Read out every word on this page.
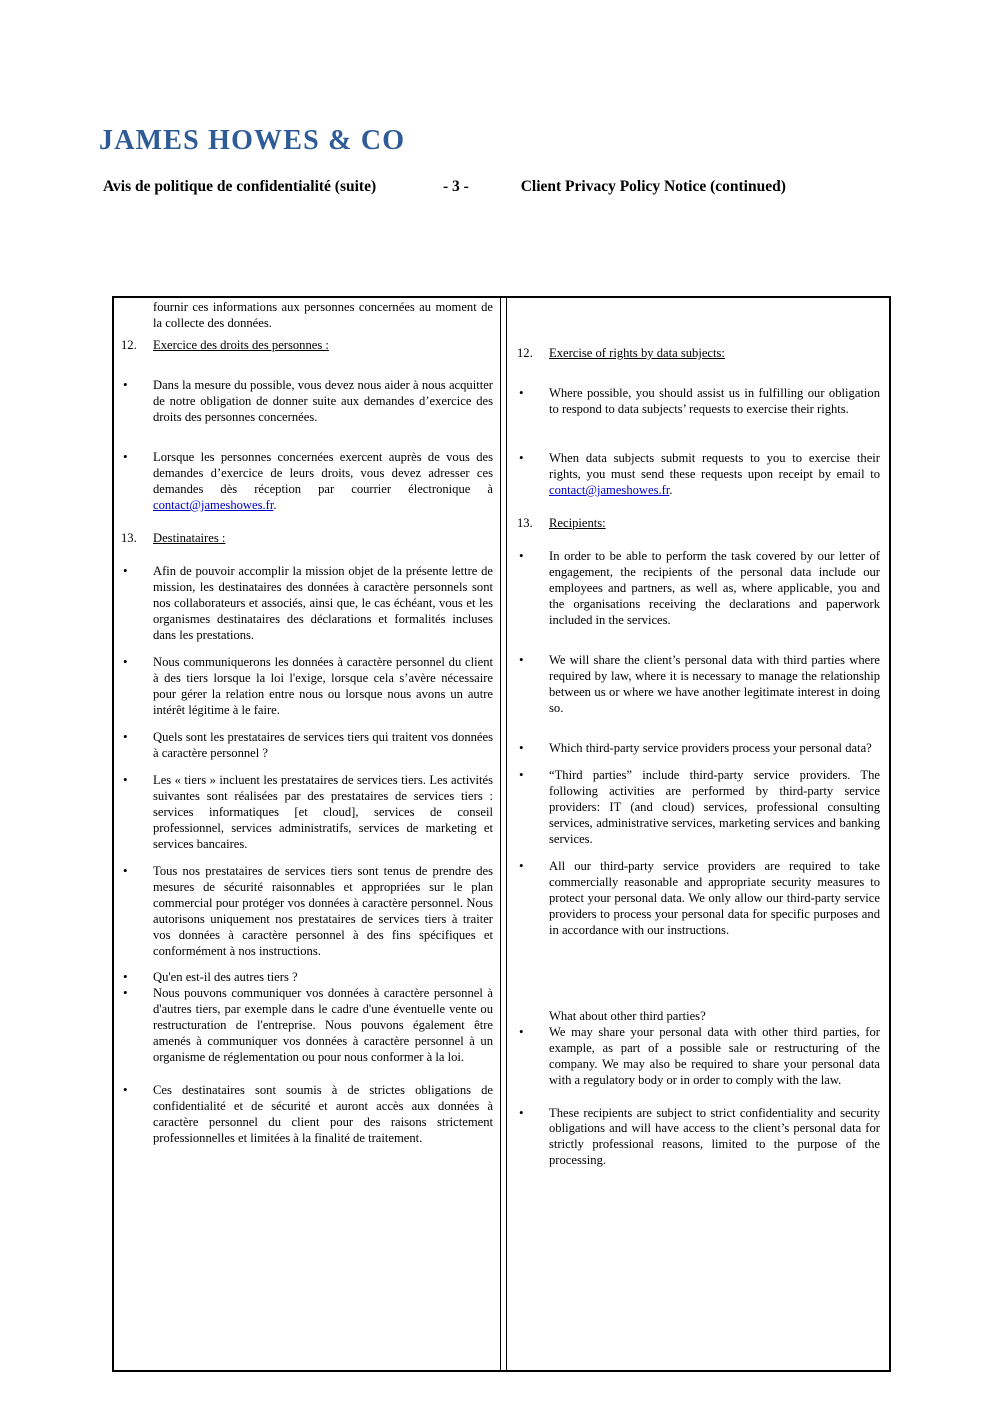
JAMES HOWES & CO
Avis de politique de confidentialité (suite)	- 3 -	Client Privacy Policy Notice (continued)
fournir ces informations aux personnes concernées au moment de la collecte des données.
12. Exercice des droits des personnes :
• Dans la mesure du possible, vous devez nous aider à nous acquitter de notre obligation de donner suite aux demandes d’exercice des droits des personnes concernées.
• Lorsque les personnes concernées exercent auprès de vous des demandes d’exercice de leurs droits, vous devez adresser ces demandes dès réception par courrier électronique à contact@jameshowes.fr.
13. Destinataires :
• Afin de pouvoir accomplir la mission objet de la présente lettre de mission, les destinataires des données à caractère personnels sont nos collaborateurs et associés, ainsi que, le cas échéant, vous et les organismes destinataires des déclarations et formalités incluses dans les prestations.
• Nous communiquerons les données à caractère personnel du client à des tiers lorsque la loi l'exige, lorsque cela s’avère nécessaire pour gérer la relation entre nous ou lorsque nous avons un autre intérêt légitime à le faire.
• Quels sont les prestataires de services tiers qui traitent vos données à caractère personnel ?
• Les « tiers » incluent les prestataires de services tiers. Les activités suivantes sont réalisées par des prestataires de services tiers : services informatiques [et cloud], services de conseil professionnel, services administratifs, services de marketing et services bancaires.
• Tous nos prestataires de services tiers sont tenus de prendre des mesures de sécurité raisonnables et appropriées sur le plan commercial pour protéger vos données à caractère personnel. Nous autorisons uniquement nos prestataires de services tiers à traiter vos données à caractère personnel à des fins spécifiques et conformément à nos instructions.
• Qu'en est-il des autres tiers ?
• Nous pouvons communiquer vos données à caractère personnel à d'autres tiers, par exemple dans le cadre d'une éventuelle vente ou restructuration de l'entreprise. Nous pouvons également être amenés à communiquer vos données à caractère personnel à un organisme de réglementation ou pour nous conformer à la loi.
• Ces destinataires sont soumis à de strictes obligations de confidentialité et de sécurité et auront accès aux données à caractère personnel du client pour des raisons strictement professionnelles et limitées à la finalité de traitement.
12. Exercise of rights by data subjects:
• Where possible, you should assist us in fulfilling our obligation to respond to data subjects’ requests to exercise their rights.
• When data subjects submit requests to you to exercise their rights, you must send these requests upon receipt by email to contact@jameshowes.fr.
13. Recipients:
• In order to be able to perform the task covered by our letter of engagement, the recipients of the personal data include our employees and partners, as well as, where applicable, you and the organisations receiving the declarations and paperwork included in the services.
• We will share the client’s personal data with third parties where required by law, where it is necessary to manage the relationship between us or where we have another legitimate interest in doing so.
• Which third-party service providers process your personal data?
• “Third parties” include third-party service providers. The following activities are performed by third-party service providers: IT (and cloud) services, professional consulting services, administrative services, marketing services and banking services.
• All our third-party service providers are required to take commercially reasonable and appropriate security measures to protect your personal data. We only allow our third-party service providers to process your personal data for specific purposes and in accordance with our instructions.
What about other third parties?
• We may share your personal data with other third parties, for example, as part of a possible sale or restructuring of the company. We may also be required to share your personal data with a regulatory body or in order to comply with the law.
• These recipients are subject to strict confidentiality and security obligations and will have access to the client’s personal data for strictly professional reasons, limited to the purpose of the processing.
